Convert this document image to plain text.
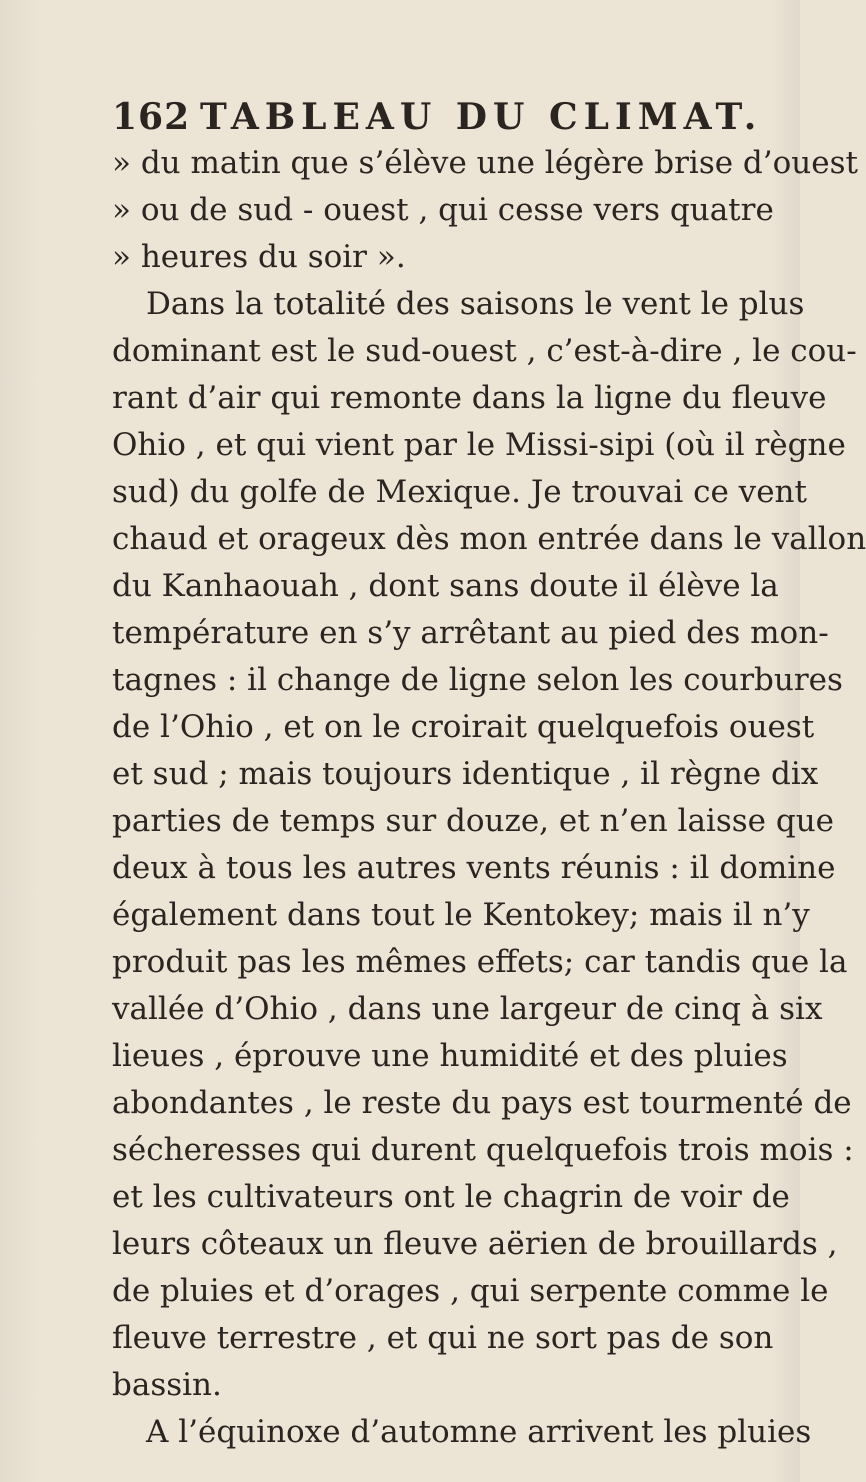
162 TABLEAU DU CLIMAT.
» du matin que s’élève une légère brise d’ouest
» ou de sud - ouest , qui cesse vers quatre
» heures du soir ».
Dans la totalité des saisons le vent le plus
dominant est le sud-ouest , c’est-à-dire , le cou-
rant d’air qui remonte dans la ligne du fleuve
Ohio , et qui vient par le Missi-sipi (où il règne
sud) du golfe de Mexique. Je trouvai ce vent
chaud et orageux dès mon entrée dans le vallon
du Kanhaouah , dont sans doute il élève la
température en s’y arrêtant au pied des mon-
tagnes : il change de ligne selon les courbures
de l’Ohio , et on le croirait quelquefois ouest
et sud ; mais toujours identique , il règne dix
parties de temps sur douze, et n’en laisse que
deux à tous les autres vents réunis : il domine
également dans tout le Kentokey; mais il n’y
produit pas les mêmes effets; car tandis que la
vallée d’Ohio , dans une largeur de cinq à six
lieues , éprouve une humidité et des pluies
abondantes , le reste du pays est tourmenté de
sécheresses qui durent quelquefois trois mois :
et les cultivateurs ont le chagrin de voir de
leurs côteaux un fleuve aërien de brouillards ,
de pluies et d’orages , qui serpente comme le
fleuve terrestre , et qui ne sort pas de son
bassin.
A l’équinoxe d’automne arrivent les pluies
